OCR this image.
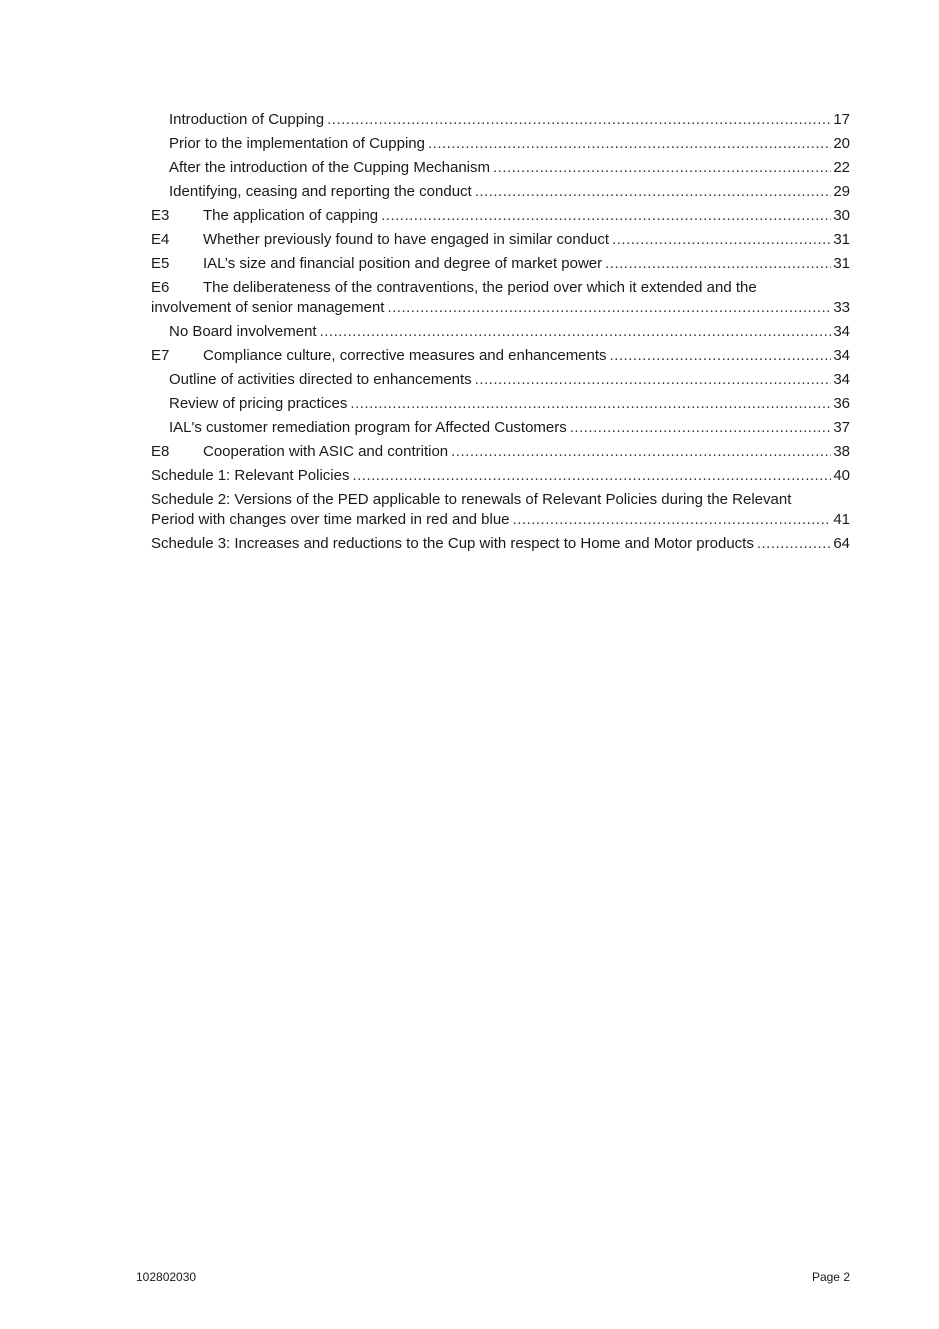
Introduction of Cupping .....	17
Prior to the implementation of Cupping .....	20
After the introduction of the Cupping Mechanism .....	22
Identifying, ceasing and reporting the conduct .....	29
E3 The application of capping .....	30
E4 Whether previously found to have engaged in similar conduct .....	31
E5 IAL’s size and financial position and degree of market power .....	31
E6 The deliberateness of the contraventions, the period over which it extended and the
involvement of senior management .....	33
No Board involvement .....	34
E7 Compliance culture, corrective measures and enhancements .....	34
Outline of activities directed to enhancements .....	34
Review of pricing practices .....	36
IAL's customer remediation program for Affected Customers .....	37
E8 Cooperation with ASIC and contrition .....	38
Schedule 1: Relevant Policies .....	40
Schedule 2: Versions of the PED applicable to renewals of Relevant Policies during the Relevant
Period with changes over time marked in red and blue .....	41
Schedule 3: Increases and reductions to the Cup with respect to Home and Motor products .....	64
102802030	Page 2
